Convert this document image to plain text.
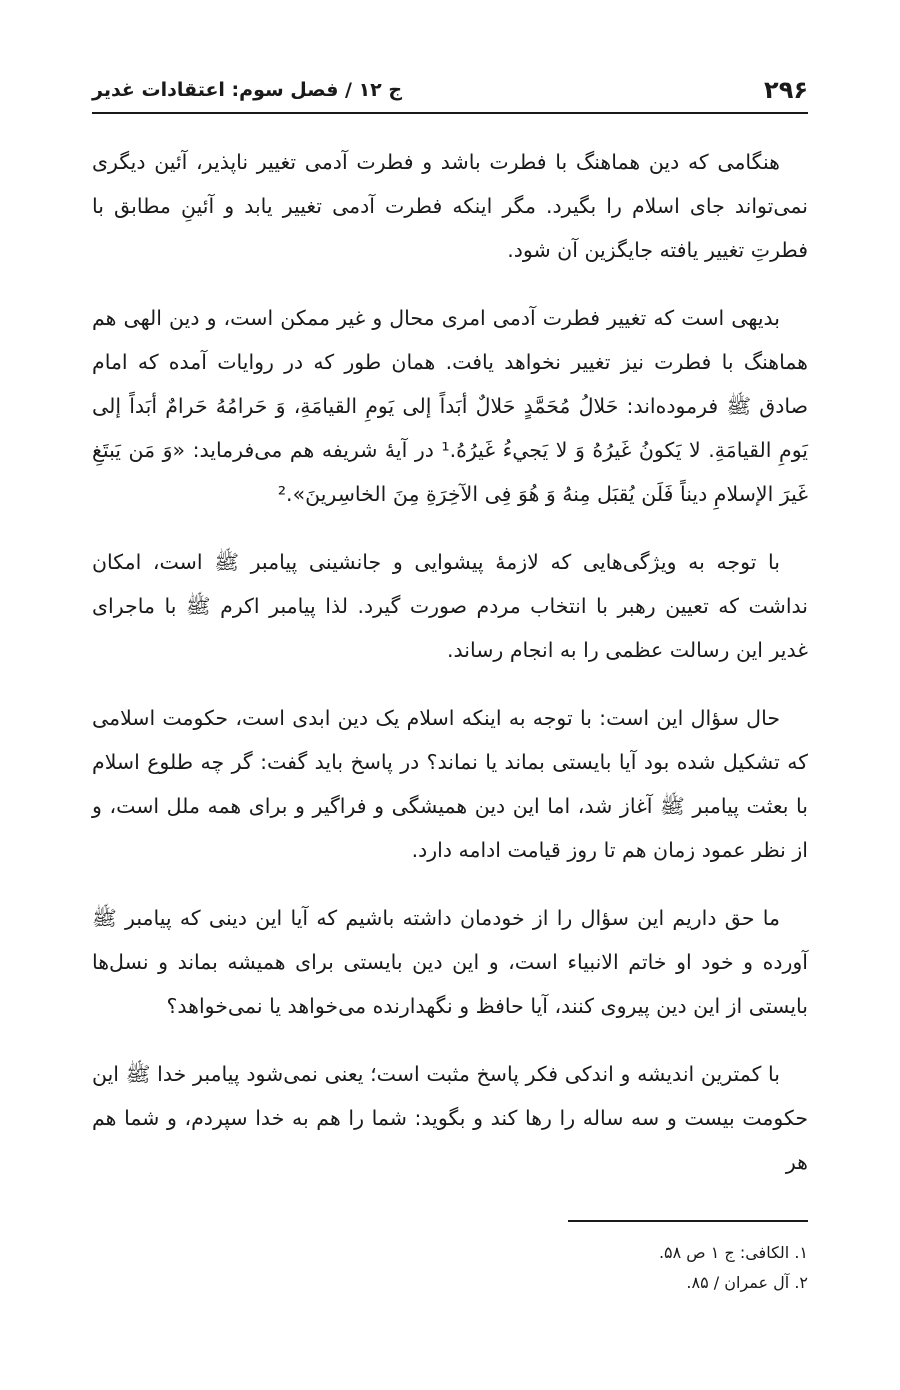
۲۹۶
ج ۱۲ / فصل سوم: اعتقادات غدیر

هنگامی که دین هماهنگ با فطرت باشد و فطرت آدمی تغییر ناپذیر، آئین دیگری نمی‌تواند جای اسلام را بگیرد. مگر اینکه فطرت آدمی تغییر یابد و آئینِ مطابق با فطرتِ تغییر یافته جایگزین آن شود.

بدیهی است که تغییر فطرت آدمی امری محال و غیر ممکن است، و دین الهی هم هماهنگ با فطرت نیز تغییر نخواهد یافت. همان طور که در روایات آمده که امام صادق ﷺ فرموده‌اند: حَلالُ مُحَمَّدٍ حَلالٌ أبَداً إلى يَومِ القيامَةِ، وَ حَرامُهُ حَرامٌ أبَداً إلى يَومِ القيامَةِ. لا يَكونُ غَيرُهُ وَ لا يَجيءُ غَيرُهُ.¹ در آیهٔ شریفه هم می‌فرماید: «وَ مَن يَبتَغِ غَيرَ الإسلامِ ديناً فَلَن يُقبَل مِنهُ وَ هُوَ فِى الآخِرَةِ مِنَ الخاسِرينَ».²

با توجه به ویژگی‌هایی که لازمهٔ پیشوایی و جانشینی پیامبر ﷺ است، امکان نداشت که تعیین رهبر با انتخاب مردم صورت گیرد. لذا پیامبر اکرم ﷺ با ماجرای غدیر این رسالت عظمی را به انجام رساند.

حال سؤال این است: با توجه به اینکه اسلام یک دین ابدی است، حکومت اسلامی که تشکیل شده بود آیا بایستی بماند یا نماند؟ در پاسخ باید گفت: گر چه طلوع اسلام با بعثت پیامبر ﷺ آغاز شد، اما این دین همیشگی و فراگیر و برای همه ملل است، و از نظر عمود زمان هم تا روز قیامت ادامه دارد.

ما حق داریم این سؤال را از خودمان داشته باشیم که آیا این دینی که پیامبر ﷺ آورده و خود او خاتم الانبیاء است، و این دین بایستی برای همیشه بماند و نسل‌ها بایستی از این دین پیروی کنند، آیا حافظ و نگهدارنده می‌خواهد یا نمی‌خواهد؟

با کمترین اندیشه و اندکی فکر پاسخ مثبت است؛ یعنی نمی‌شود پیامبر خدا ﷺ این حکومت بیست و سه ساله را رها کند و بگوید: شما را هم به خدا سپردم، و شما هم هر

۱. الکافی: ج ۱ ص ۵۸.

۲. آل عمران / ۸۵.
